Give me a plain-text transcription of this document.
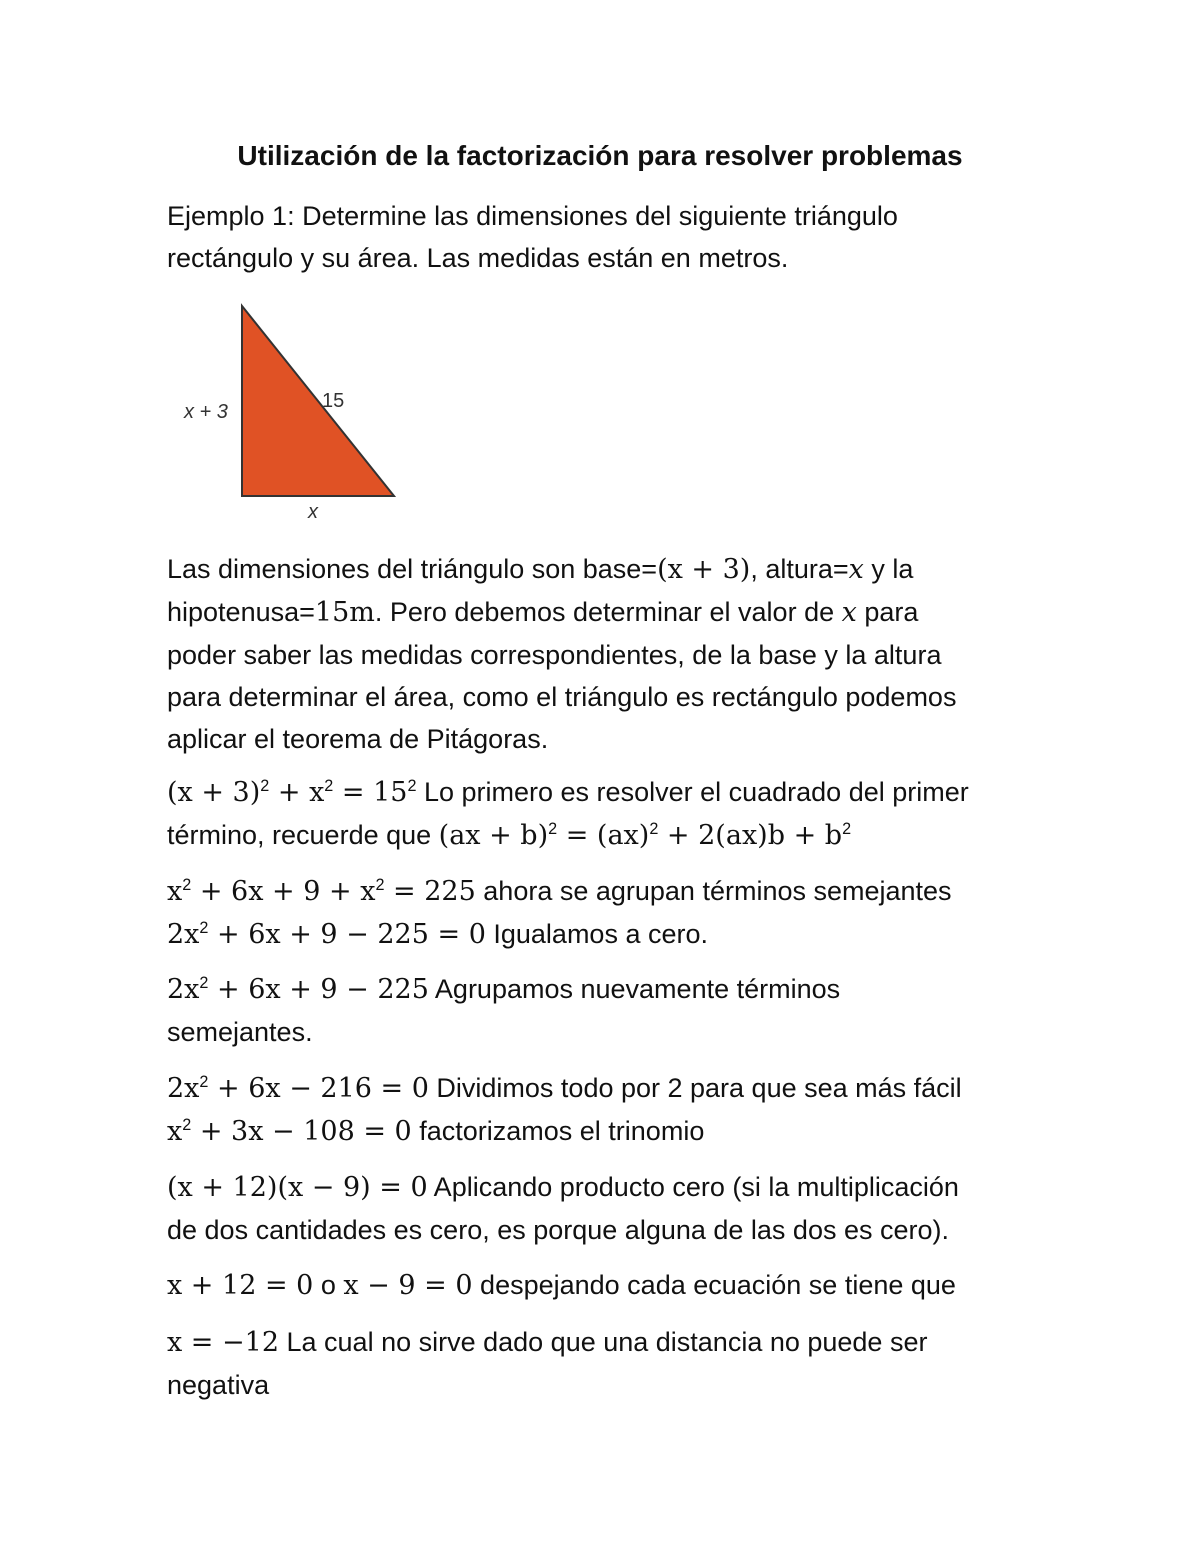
Utilización de la factorización para resolver problemas
Ejemplo 1: Determine las dimensiones del siguiente triángulo
rectángulo y su área. Las medidas están en metros.
x + 3	15
x
Las dimensiones del triángulo son base=(x + 3), altura=x y la
hipotenusa=15m. Pero debemos determinar el valor de x para
poder saber las medidas correspondientes, de la base y la altura
para determinar el área, como el triángulo es rectángulo podemos
aplicar el teorema de Pitágoras.
$(x + 3)^2 + x^2 = 15^2$ Lo primero es resolver el cuadrado del primer
término, recuerde que $(ax + b)^2 = (ax)^2 + 2(ax)b + b^2$
$x^2 + 6x + 9 + x^2 = 225$ ahora se agrupan términos semejantes
$2x^2 + 6x + 9 - 225 = 0$ Igualamos a cero.
$2x^2 + 6x + 9 - 225$ Agrupamos nuevamente términos
semejantes.
$2x^2 + 6x - 216 = 0$ Dividimos todo por 2 para que sea más fácil
$x^2 + 3x - 108 = 0$ factorizamos el trinomio
(x + 12)(x − 9) = 0 Aplicando producto cero (si la multiplicación
de dos cantidades es cero, es porque alguna de las dos es cero).
x + 12 = 0 o x − 9 = 0 despejando cada ecuación se tiene que
x = −12 La cual no sirve dado que una distancia no puede ser
negativa
